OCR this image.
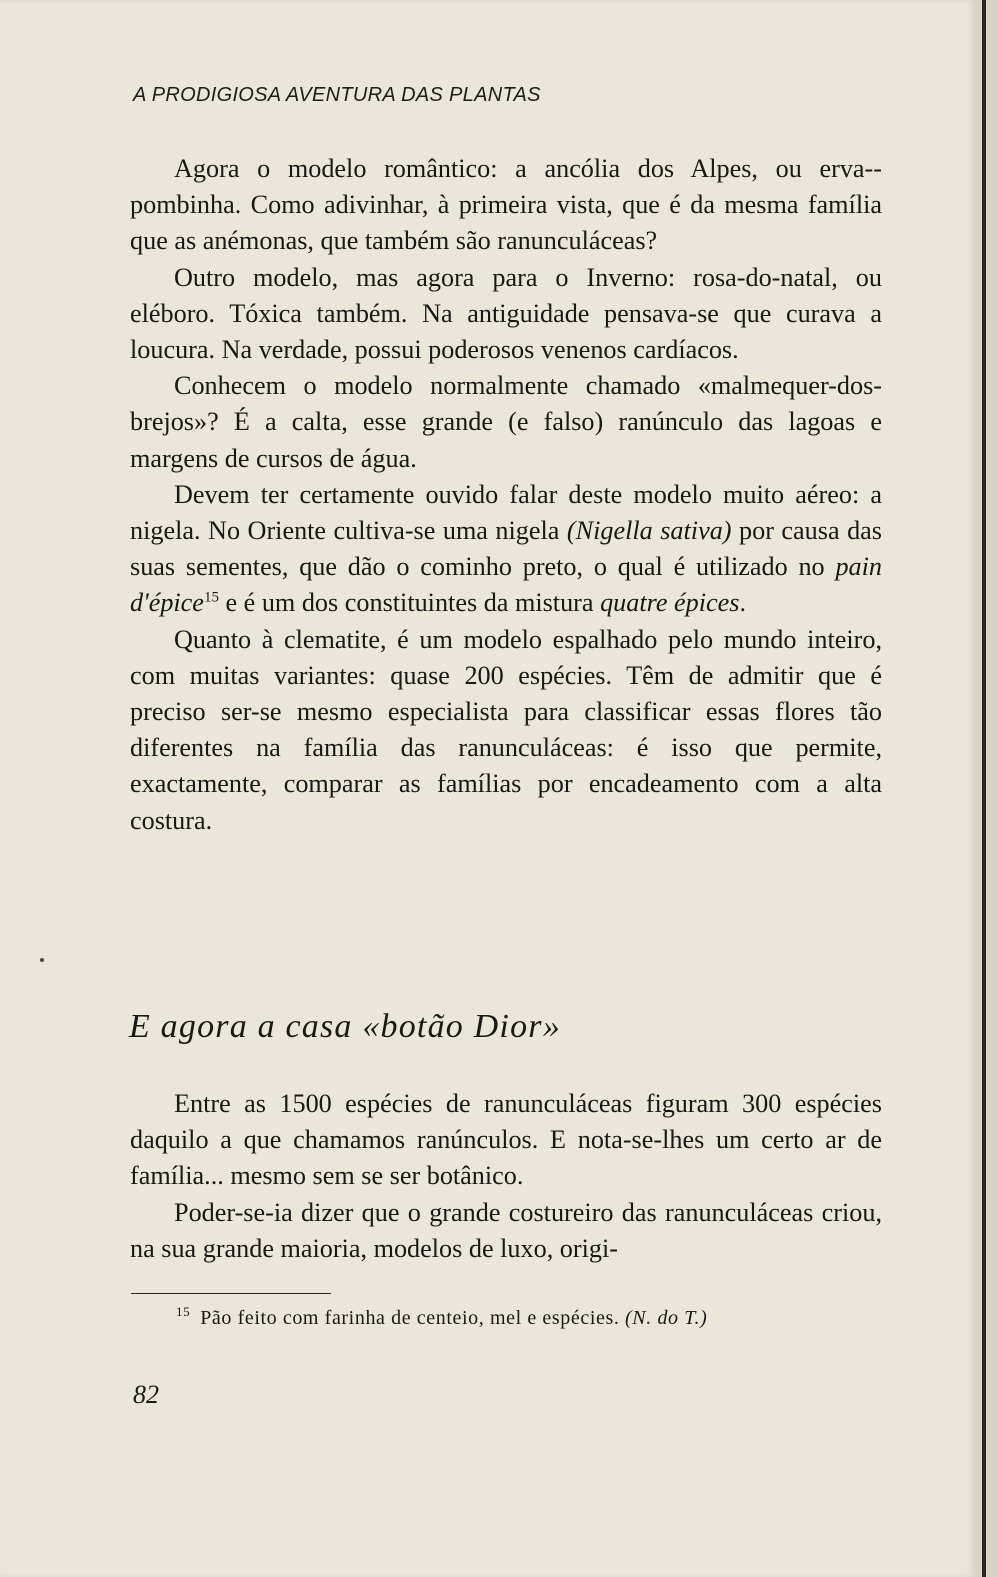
A PRODIGIOSA AVENTURA DAS PLANTAS

Agora o modelo romântico: a ancólia dos Alpes, ou erva--pombinha. Como adivinhar, à primeira vista, que é da mesma família que as anémonas, que também são ranunculáceas?

Outro modelo, mas agora para o Inverno: rosa-do-natal, ou eléboro. Tóxica também. Na antiguidade pensava-se que curava a loucura. Na verdade, possui poderosos venenos cardíacos.

Conhecem o modelo normalmente chamado «malmequer-dos-brejos»? É a calta, esse grande (e falso) ranúnculo das lagoas e margens de cursos de água.

Devem ter certamente ouvido falar deste modelo muito aéreo: a nigela. No Oriente cultiva-se uma nigela (Nigella sativa) por causa das suas sementes, que dão o cominho preto, o qual é utilizado no pain d'épice$^{15}$ e é um dos constituintes da mistura quatre épices.

Quanto à clematite, é um modelo espalhado pelo mundo inteiro, com muitas variantes: quase 200 espécies. Têm de admitir que é preciso ser-se mesmo especialista para classificar essas flores tão diferentes na família das ranunculáceas: é isso que permite, exactamente, comparar as famílias por encadeamento com a alta costura.

E agora a casa «botão Dior»

Entre as 1500 espécies de ranunculáceas figuram 300 espécies daquilo a que chamamos ranúnculos. E nota-se-lhes um certo ar de família... mesmo sem se ser botânico.

Poder-se-ia dizer que o grande costureiro das ranunculáceas criou, na sua grande maioria, modelos de luxo, origi-

$^{15}$ Pão feito com farinha de centeio, mel e espécies. (N. do T.)
82
